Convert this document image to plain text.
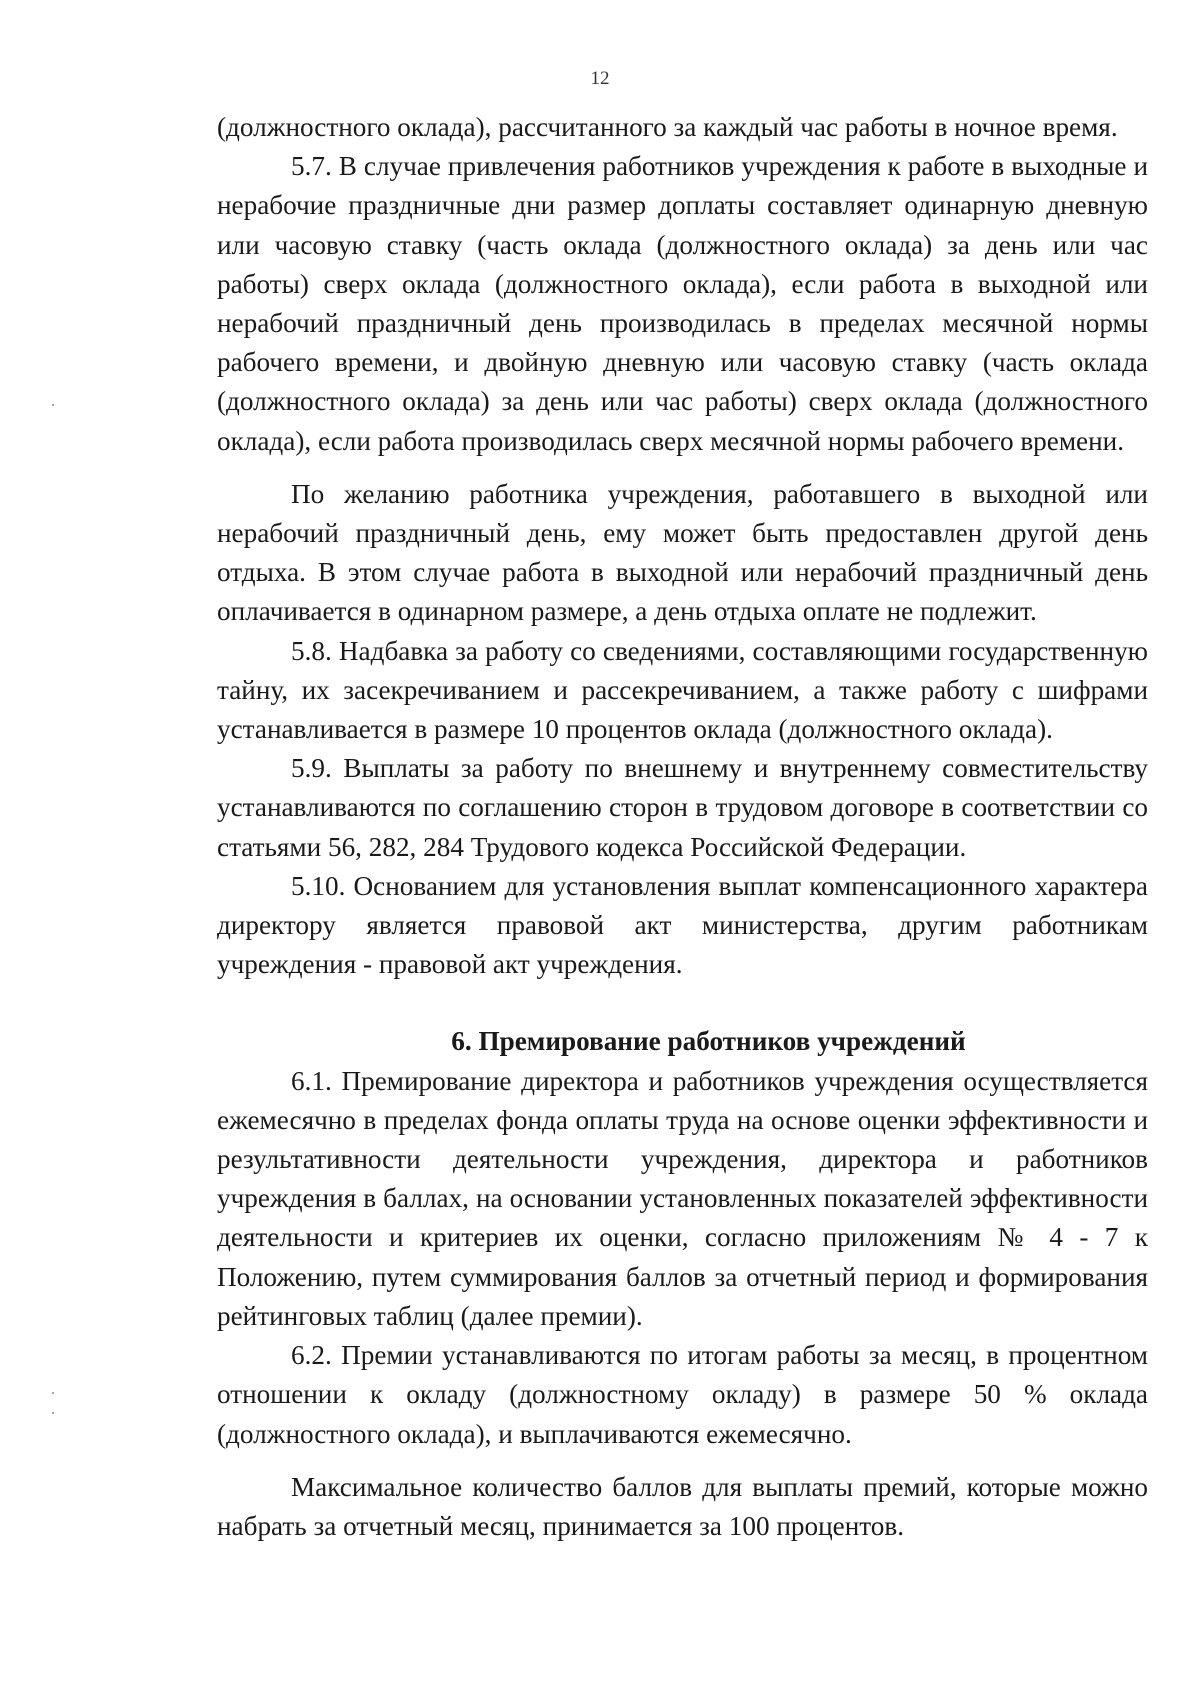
12

(должностного оклада), рассчитанного за каждый час работы в ночное время.

5.7. В случае привлечения работников учреждения к работе в выходные и нерабочие праздничные дни размер доплаты составляет одинарную дневную или часовую ставку (часть оклада (должностного оклада) за день или час работы) сверх оклада (должностного оклада), если работа в выходной или нерабочий праздничный день производилась в пределах месячной нормы рабочего времени, и двойную дневную или часовую ставку (часть оклада (должностного оклада) за день или час работы) сверх оклада (должностного оклада), если работа производилась сверх месячной нормы рабочего времени.

По желанию работника учреждения, работавшего в выходной или нерабочий праздничный день, ему может быть предоставлен другой день отдыха. В этом случае работа в выходной или нерабочий праздничный день оплачивается в одинарном размере, а день отдыха оплате не подлежит.

5.8. Надбавка за работу со сведениями, составляющими государственную тайну, их засекречиванием и рассекречиванием, а также работу с шифрами устанавливается в размере 10 процентов оклада (должностного оклада).

5.9. Выплаты за работу по внешнему и внутреннему совместительству устанавливаются по соглашению сторон в трудовом договоре в соответствии со статьями 56, 282, 284 Трудового кодекса Российской Федерации.

5.10. Основанием для установления выплат компенсационного характера директору является правовой акт министерства, другим работникам учреждения - правовой акт учреждения.

6. Премирование работников учреждений

6.1. Премирование директора и работников учреждения осуществляется ежемесячно в пределах фонда оплаты труда на основе оценки эффективности и результативности деятельности учреждения, директора и работников учреждения в баллах, на основании установленных показателей эффективности деятельности и критериев их оценки, согласно приложениям № 4 - 7 к Положению, путем суммирования баллов за отчетный период и формирования рейтинговых таблиц (далее премии).

6.2. Премии устанавливаются по итогам работы за месяц, в процентном отношении к окладу (должностному окладу) в размере 50 % оклада (должностного оклада), и выплачиваются ежемесячно.

Максимальное количество баллов для выплаты премий, которые можно набрать за отчетный месяц, принимается за 100 процентов.
